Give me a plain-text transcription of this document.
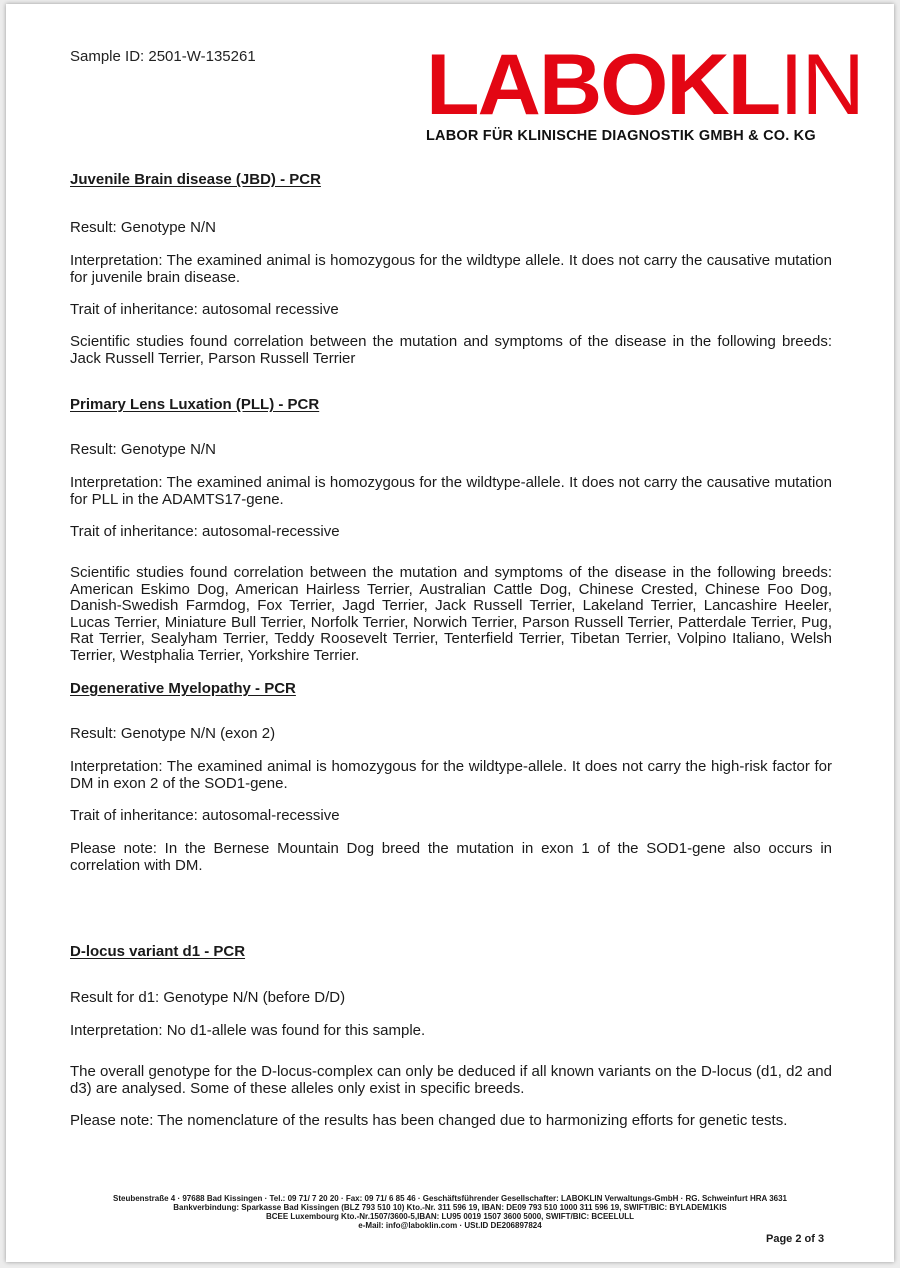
Sample ID: 2501-W-135261 LABOKLIN
LABOR FÜR KLINISCHE DIAGNOSTIK GMBH & CO. KG
Juvenile Brain disease (JBD) - PCR

Result: Genotype N/N

Interpretation: The examined animal is homozygous for the wildtype allele. It does not carry the causative mutation for juvenile brain disease.

Trait of inheritance: autosomal recessive

Scientific studies found correlation between the mutation and symptoms of the disease in the following breeds: Jack Russell Terrier, Parson Russell Terrier

Primary Lens Luxation (PLL) - PCR

Result: Genotype N/N

Interpretation: The examined animal is homozygous for the wildtype-allele. It does not carry the causative mutation for PLL in the ADAMTS17-gene.

Trait of inheritance: autosomal-recessive

Scientific studies found correlation between the mutation and symptoms of the disease in the following breeds: American Eskimo Dog, American Hairless Terrier, Australian Cattle Dog, Chinese Crested, Chinese Foo Dog, Danish-Swedish Farmdog, Fox Terrier, Jagd Terrier, Jack Russell Terrier, Lakeland Terrier, Lancashire Heeler, Lucas Terrier, Miniature Bull Terrier, Norfolk Terrier, Norwich Terrier, Parson Russell Terrier, Patterdale Terrier, Pug, Rat Terrier, Sealyham Terrier, Teddy Roosevelt Terrier, Tenterfield Terrier, Tibetan Terrier, Volpino Italiano, Welsh Terrier, Westphalia Terrier, Yorkshire Terrier.

Degenerative Myelopathy - PCR

Result: Genotype N/N (exon 2)

Interpretation: The examined animal is homozygous for the wildtype-allele. It does not carry the high-risk factor for DM in exon 2 of the SOD1-gene.

Trait of inheritance: autosomal-recessive

Please note: In the Bernese Mountain Dog breed the mutation in exon 1 of the SOD1-gene also occurs in correlation with DM.

D-locus variant d1 - PCR

Result for d1: Genotype N/N (before D/D)

Interpretation: No d1-allele was found for this sample.

The overall genotype for the D-locus-complex can only be deduced if all known variants on the D-locus (d1, d2 and d3) are analysed. Some of these alleles only exist in specific breeds.

Please note: The nomenclature of the results has been changed due to harmonizing efforts for genetic tests.

Steubenstraße 4 · 97688 Bad Kissingen · Tel.: 09 71/ 7 20 20 · Fax: 09 71/ 6 85 46 · Geschäftsführender Gesellschafter: LABOKLIN Verwaltungs-GmbH · RG. Schweinfurt HRA 3631
Bankverbindung: Sparkasse Bad Kissingen (BLZ 793 510 10) Kto.-Nr. 311 596 19, IBAN: DE09 793 510 1000 311 596 19, SWIFT/BIC: BYLADEM1KIS
BCEE Luxembourg Kto.-Nr.1507/3600-5,IBAN: LU95 0019 1507 3600 5000, SWIFT/BIC: BCEELULL
e-Mail: info@laboklin.com · USt.ID DE206897824
Page 2 of 3
